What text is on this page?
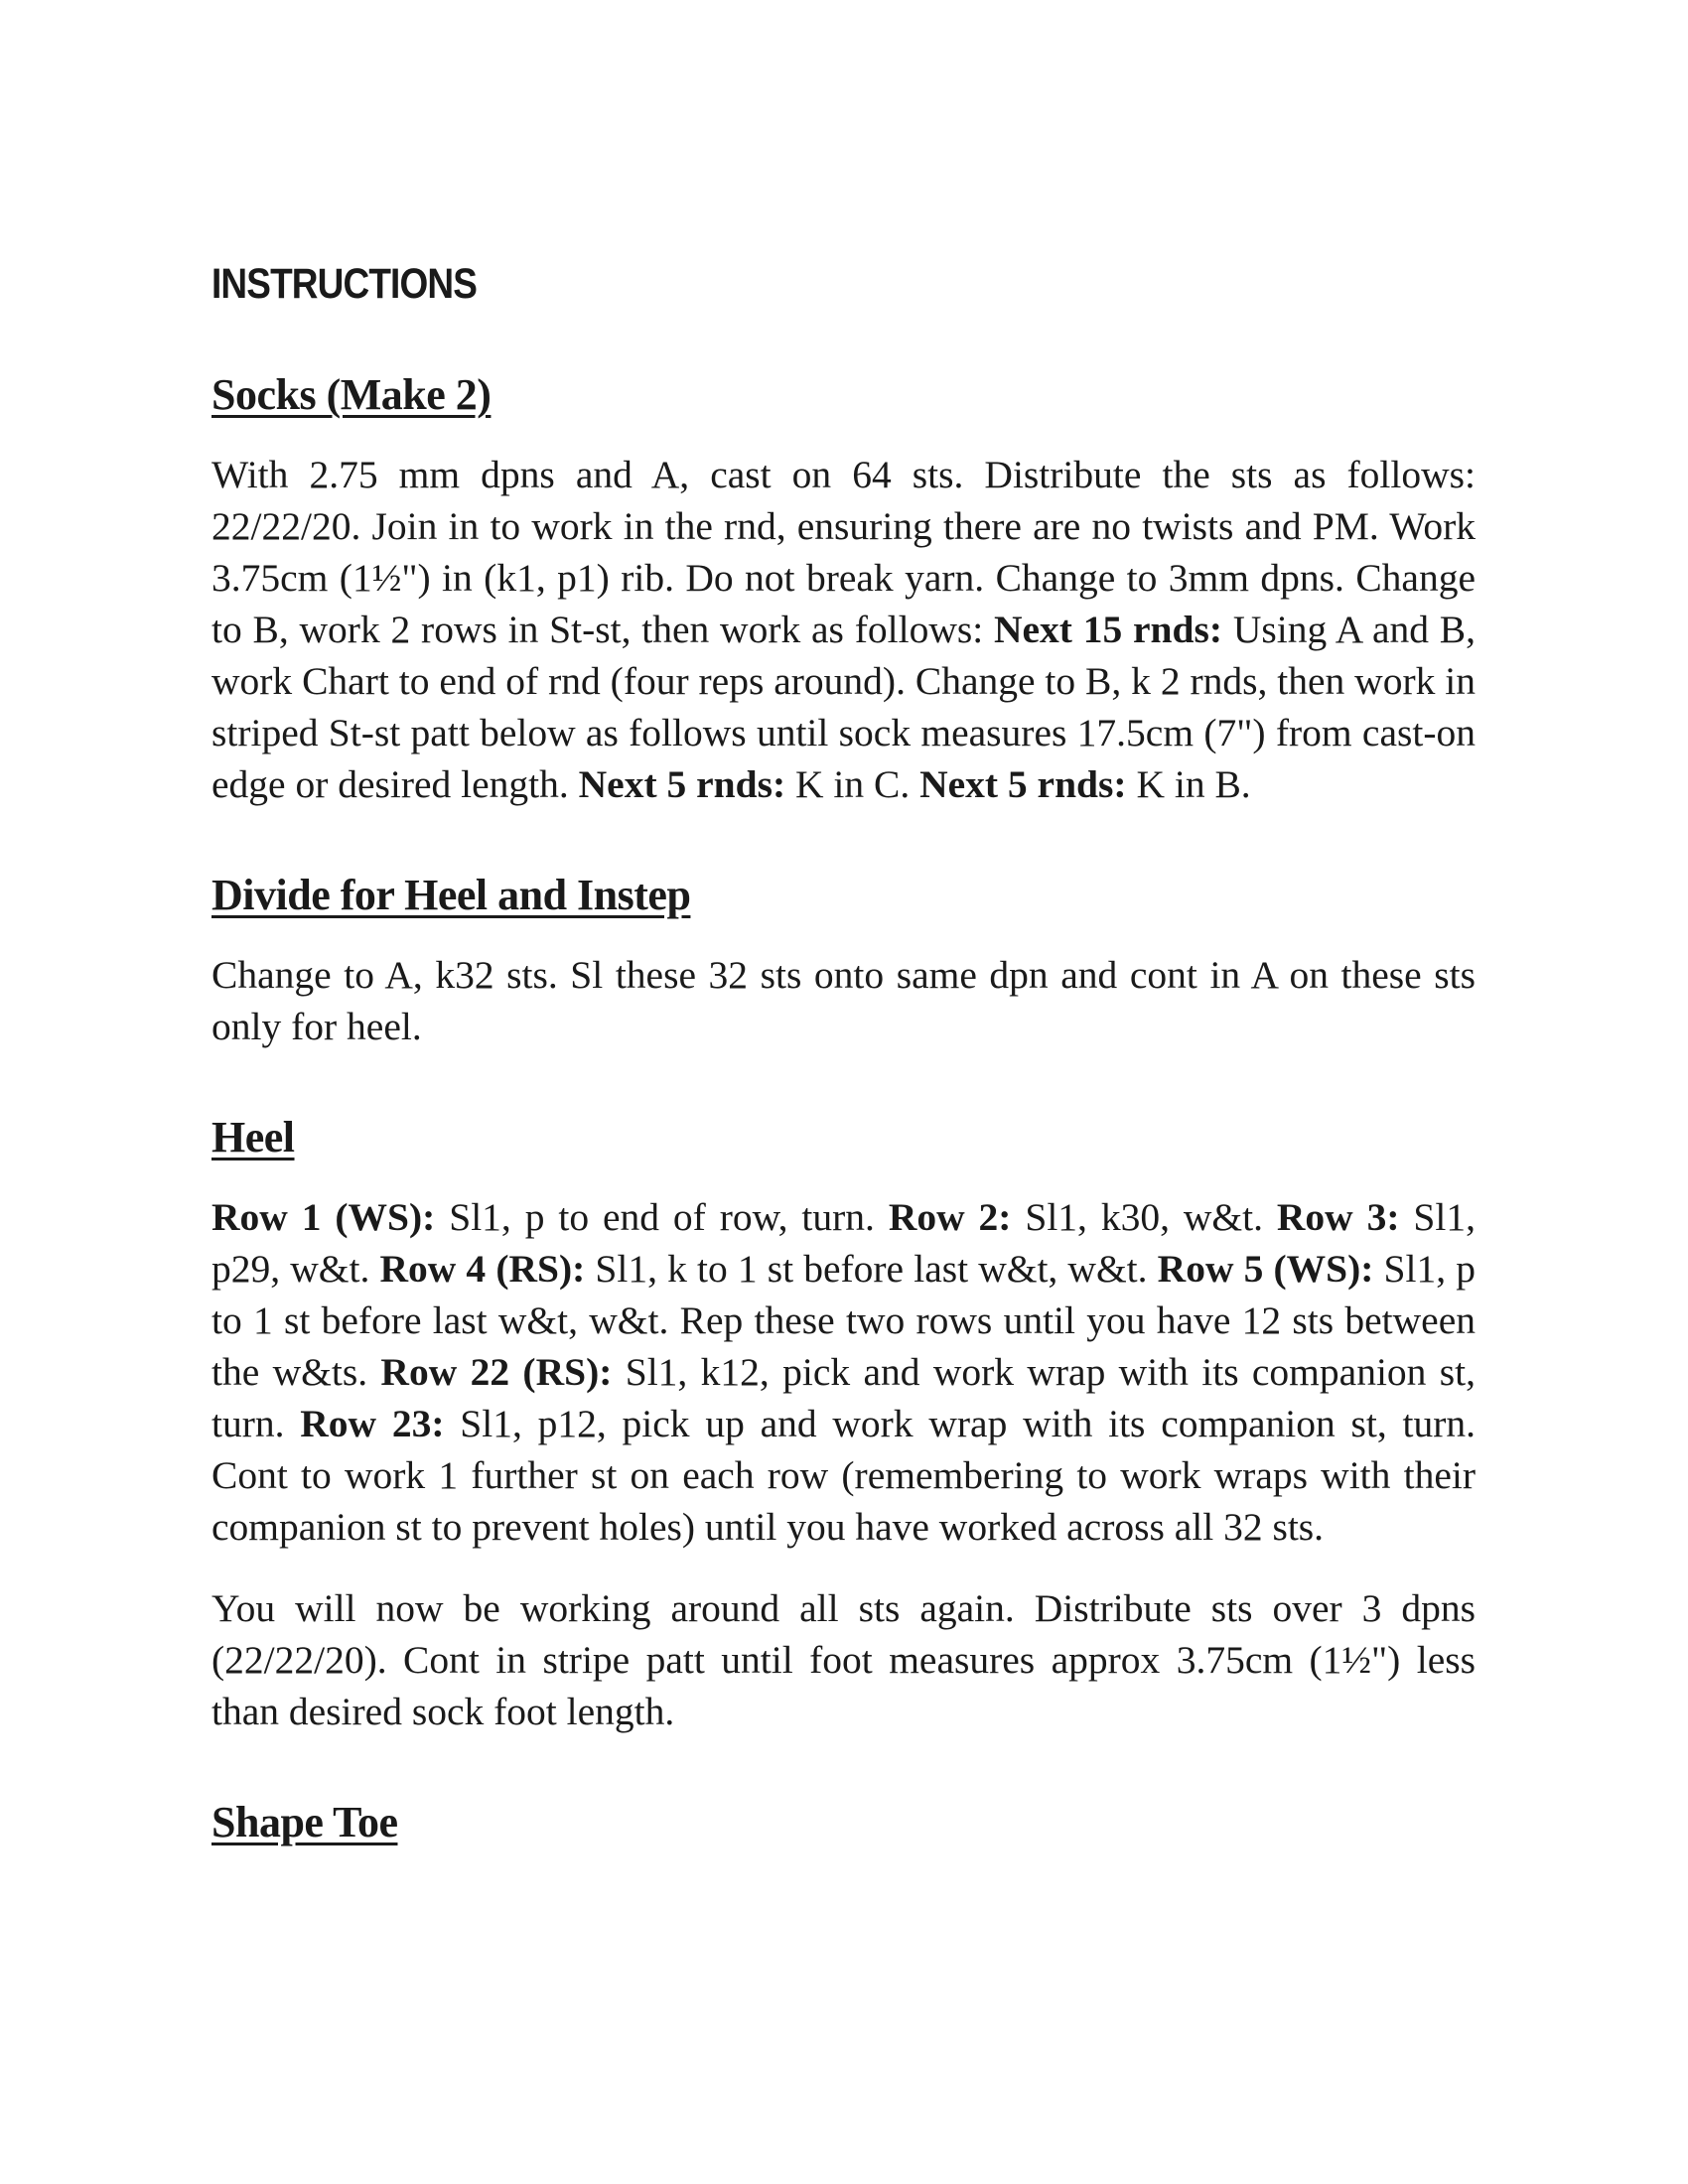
INSTRUCTIONS
Socks (Make 2)

With 2.75 mm dpns and A, cast on 64 sts. Distribute the sts as follows: 22/22/20. Join in to work in the rnd, ensuring there are no twists and PM. Work 3.75cm (1½") in (k1, p1) rib. Do not break yarn. Change to 3mm dpns. Change to B, work 2 rows in St-st, then work as follows: Next 15 rnds: Using A and B, work Chart to end of rnd (four reps around). Change to B, k 2 rnds, then work in striped St-st patt below as follows until sock measures 17.5cm (7") from cast-on edge or desired length. Next 5 rnds: K in C. Next 5 rnds: K in B.

Divide for Heel and Instep

Change to A, k32 sts. Sl these 32 sts onto same dpn and cont in A on these sts only for heel.

Heel

Row 1 (WS): Sl1, p to end of row, turn. Row 2: Sl1, k30, w&t. Row 3: Sl1, p29, w&t. Row 4 (RS): Sl1, k to 1 st before last w&t, w&t. Row 5 (WS): Sl1, p to 1 st before last w&t, w&t. Rep these two rows until you have 12 sts between the w&ts. Row 22 (RS): Sl1, k12, pick and work wrap with its companion st, turn. Row 23: Sl1, p12, pick up and work wrap with its companion st, turn. Cont to work 1 further st on each row (remembering to work wraps with their companion st to prevent holes) until you have worked across all 32 sts.

You will now be working around all sts again. Distribute sts over 3 dpns (22/22/20). Cont in stripe patt until foot measures approx 3.75cm (1½") less than desired sock foot length.

Shape Toe
